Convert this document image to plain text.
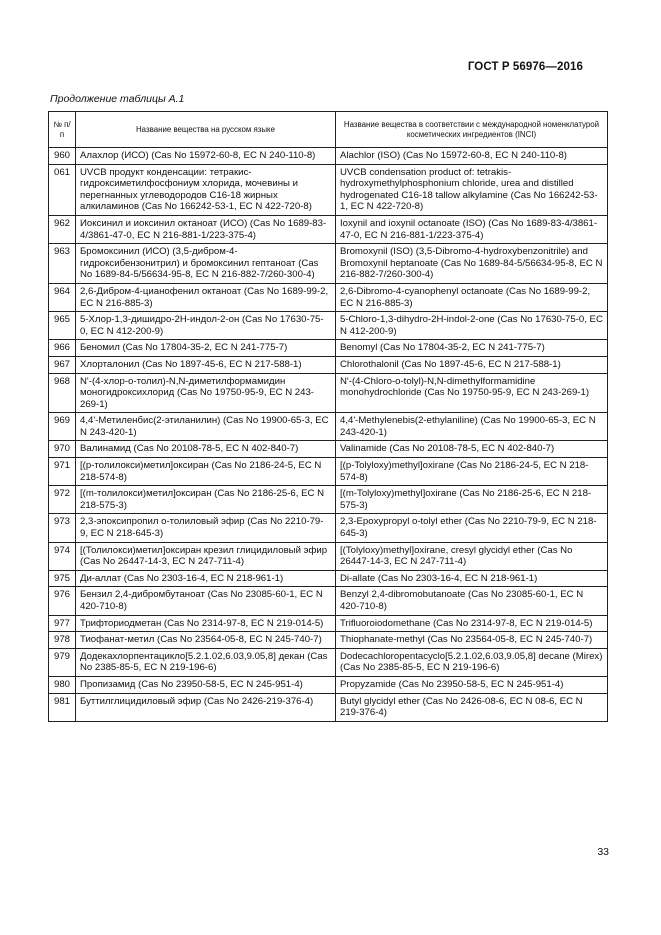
ГОСТ Р 56976—2016
Продолжение таблицы А.1
№ п/п	Название вещества на русском языке	Название вещества в соответствии с международной номенклатурой косметических ингредиентов (INCI)
960	Алахлор (ИСО) (Cas No 15972-60-8, ЕС N 240-110-8)	Alachlor (ISO) (Cas No 15972-60-8, EC N 240-110-8)
061	UVCB продукт конденсации: тетракис-гидроксиметилфосфониум хлорида, мочевины и перегнанных углеводородов C16-18 жирных алкиламинов (Cas No 166242-53-1, ЕС N 422-720-8)	UVCB condensation product of: tetrakis-hydroxymethylphosphonium chloride, urea and distilled hydrogenated C16-18 tallow alkylamine (Cas No 166242-53-1, EC N 422-720-8)
962	Иоксинил и иоксинил октаноат (ИСО) (Cas No 1689-83-4/3861-47-0, ЕС N 216-881-1/223-375-4)	Ioxynil and ioxynil octanoate (ISO) (Cas No 1689-83-4/3861-47-0, EC N 216-881-1/223-375-4)
963	Бромоксинил (ИСО) (3,5-дибром-4-гидроксибензонитрил) и бромоксинил гептаноат (Cas No 1689-84-5/56634-95-8, ЕС N 216-882-7/260-300-4)	Bromoxynil (ISO) (3,5-Dibromo-4-hydroxybenzonitrile) and Bromoxynil heptanoate (Cas No 1689-84-5/56634-95-8, EC N 216-882-7/260-300-4)
964	2,6-Дибром-4-цианофенил октаноат (Cas No 1689-99-2, ЕС N 216-885-3)	2,6-Dibromo-4-cyanophenyl octanoate (Cas No 1689-99-2, EC N 216-885-3)
965	5-Хлор-1,3-дишидро-2Н-индол-2-он (Cas No 17630-75-0, ЕС N 412-200-9)	5-Chloro-1,3-dihydro-2H-indol-2-one (Cas No 17630-75-0, EC N 412-200-9)
966	Беномил (Cas No 17804-35-2, ЕС N 241-775-7)	Benomyl (Cas No 17804-35-2, EC N 241-775-7)
967	Хлорталонил (Cas No 1897-45-6, ЕС N 217-588-1)	Chlorothalonil (Cas No 1897-45-6, EC N 217-588-1)
968	N'-(4-хлор-о-толил)-N,N-диметилформамидин моногидроксихлорид (Cas No 19750-95-9, ЕС N 243-269-1)	N'-(4-Chloro-o-tolyl)-N,N-dimethylformamidine monohydrochloride (Cas No 19750-95-9, EC N 243-269-1)
969	4,4'-Метиленбис(2-этиланилин) (Cas No 19900-65-3, ЕС N 243-420-1)	4,4'-Methylenebis(2-ethylaniline) (Cas No 19900-65-3, EC N 243-420-1)
970	Валинамид (Cas No 20108-78-5, ЕС N 402-840-7)	Valinamide (Cas No 20108-78-5, EC N 402-840-7)
971	[(р-толилокси)метил]оксиран (Cas No 2186-24-5, ЕС N 218-574-8)	[(p-Tolyloxy)methyl]oxirane (Cas No 2186-24-5, EC N 218-574-8)
972	[(m-толилокси)метил]оксиран (Cas No 2186-25-6, ЕС N 218-575-3)	[(m-Tolyloxy)methyl]oxirane (Cas No 2186-25-6, EC N 218-575-3)
973	2,3-эпоксипропил о-толиловый эфир (Cas No 2210-79-9, ЕС N 218-645-3)	2,3-Epoxypropyl o-tolyl ether (Cas No 2210-79-9, EC N 218-645-3)
974	[(Толилокси)метил]оксиран крезил глицидиловый эфир (Cas No 26447-14-3, ЕС N 247-711-4)	[(Tolyloxy)methyl]oxirane, cresyl glycidyl ether (Cas No 26447-14-3, EC N 247-711-4)
975	Ди-аллат (Cas No 2303-16-4, ЕС N 218-961-1)	Di-allate (Cas No 2303-16-4, EC N 218-961-1)
976	Бензил 2,4-дибромбутаноат (Cas No 23085-60-1, ЕС N 420-710-8)	Benzyl 2,4-dibromobutanoate (Cas No 23085-60-1, EC N 420-710-8)
977	Трифториодметан (Cas No 2314-97-8, ЕС N 219-014-5)	Trifluoroiodomethane (Cas No 2314-97-8, EC N 219-014-5)
978	Тиофанат-метил (Cas No 23564-05-8, ЕС N 245-740-7)	Thiophanate-methyl (Cas No 23564-05-8, EC N 245-740-7)
979	Додекахлорпентацикло[5.2.1.02,6.03,9.05,8] декан (Cas No 2385-85-5, ЕС N 219-196-6)	Dodecachloropentacyclo[5.2.1.02,6.03,9.05,8] decane (Mirex) (Cas No 2385-85-5, EC N 219-196-6)
980	Пропизамид (Cas No 23950-58-5, ЕС N 245-951-4)	Propyzamide (Cas No 23950-58-5, EC N 245-951-4)
981	Буттилглицидиловый эфир (Cas No 2426-219-376-4)	Butyl glycidyl ether (Cas No 2426-08-6, EC N 08-6, EC N 219-376-4)
33
